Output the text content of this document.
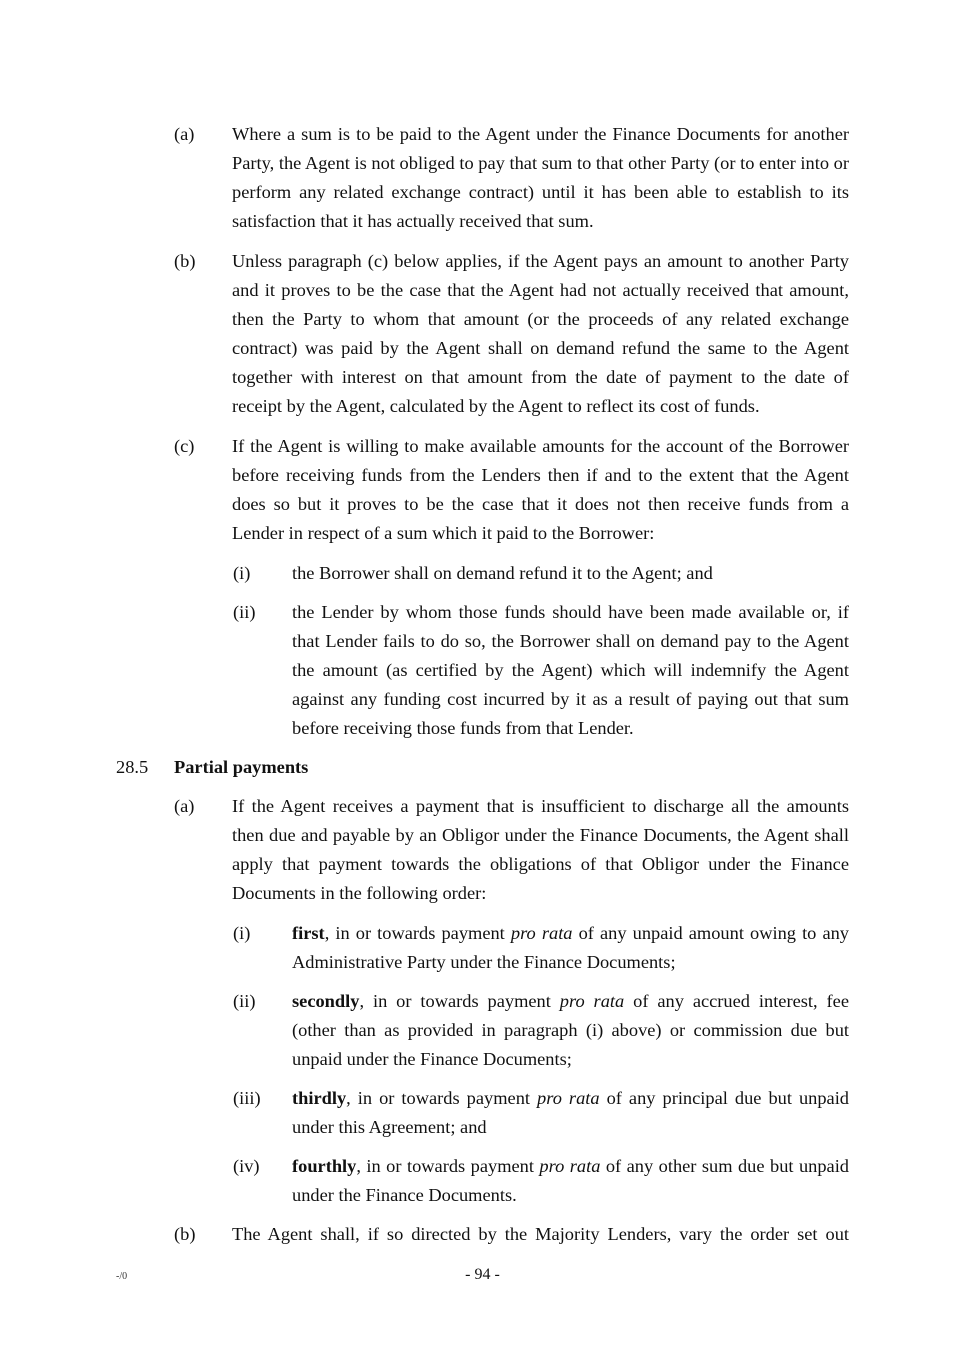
(a) Where a sum is to be paid to the Agent under the Finance Documents for another Party, the Agent is not obliged to pay that sum to that other Party (or to enter into or perform any related exchange contract) until it has been able to establish to its satisfaction that it has actually received that sum.

(b) Unless paragraph (c) below applies, if the Agent pays an amount to another Party and it proves to be the case that the Agent had not actually received that amount, then the Party to whom that amount (or the proceeds of any related exchange contract) was paid by the Agent shall on demand refund the same to the Agent together with interest on that amount from the date of payment to the date of receipt by the Agent, calculated by the Agent to reflect its cost of funds.

(c) If the Agent is willing to make available amounts for the account of the Borrower before receiving funds from the Lenders then if and to the extent that the Agent does so but it proves to be the case that it does not then receive funds from a Lender in respect of a sum which it paid to the Borrower:

(i) the Borrower shall on demand refund it to the Agent; and

(ii) the Lender by whom those funds should have been made available or, if that Lender fails to do so, the Borrower shall on demand pay to the Agent the amount (as certified by the Agent) which will indemnify the Agent against any funding cost incurred by it as a result of paying out that sum before receiving those funds from that Lender.

28.5 Partial payments
(a) If the Agent receives a payment that is insufficient to discharge all the amounts then due and payable by an Obligor under the Finance Documents, the Agent shall apply that payment towards the obligations of that Obligor under the Finance Documents in the following order:

(i) first, in or towards payment pro rata of any unpaid amount owing to any Administrative Party under the Finance Documents;

(ii) secondly, in or towards payment pro rata of any accrued interest, fee (other than as provided in paragraph (i) above) or commission due but unpaid under the Finance Documents;

(iii) thirdly, in or towards payment pro rata of any principal due but unpaid under this Agreement; and

(iv) fourthly, in or towards payment pro rata of any other sum due but unpaid under the Finance Documents.

(b) The Agent shall, if so directed by the Majority Lenders, vary the order set out

-/0	- 94 -
